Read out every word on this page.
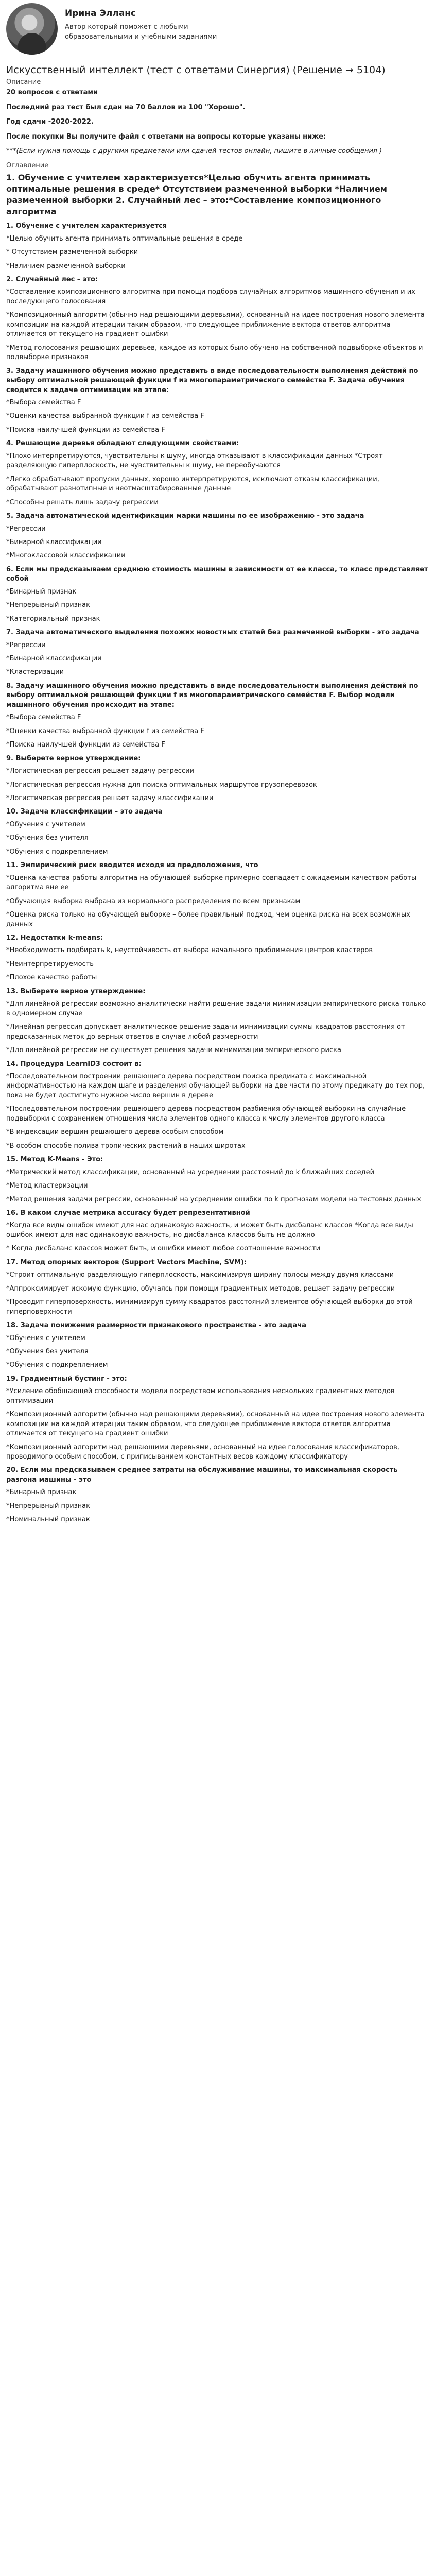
Ирина Элланс
Автор который поможет с любыми образовательными и учебными заданиями
Искусственный интеллект (тест с ответами Синергия) (Решение → 5104)
Описание
20 вопросов с ответами
Последний раз тест был сдан на 70 баллов из 100 "Хорошо".
Год сдачи -2020-2022.
После покупки Вы получите файл с ответами на вопросы которые указаны ниже:
***(Если нужна помощь с другими предметами или сдачей тестов онлайн, пишите в личные сообщения )
Оглавление
1. Обучение с учителем характеризуется*Целью обучить агента принимать оптимальные решения в среде* Отсутствием размеченной выборки *Наличием размеченной выборки 2. Случайный лес – это:*Составление композиционного алгоритма
1. Обучение с учителем характеризуется
*Целью обучить агента принимать оптимальные решения в среде
* Отсутствием размеченной выборки
*Наличием размеченной выборки
2. Случайный лес – это:
*Составление композиционного алгоритма при помощи подбора случайных алгоритмов машинного обучения и их последующего голосования
*Композиционный алгоритм (обычно над решающими деревьями), основанный на идее построения нового элемента композиции на каждой итерации таким образом, что следующее приближение вектора ответов алгоритма отличается от текущего на градиент ошибки
*Метод голосования решающих деревьев, каждое из которых было обучено на собственной подвыборке объектов и подвыборке признаков
3. Задачу машинного обучения можно представить в виде последовательности выполнения действий по выбору оптимальной решающей функции f из многопараметрического семейства F. Задача обучения сводится к задаче оптимизации на этапе:
*Выбора семейства F
*Оценки качества выбранной функции f из семейства F
*Поиска наилучшей функции из семейства F
4. Решающие деревья обладают следующими свойствами:
*Плохо интерпретируются, чувствительны к шуму, иногда отказывают в классификации данных *Строят разделяющую гиперплоскость, не чувствительны к шуму, не переобучаются
*Легко обрабатывают пропуски данных, хорошо интерпретируются, исключают отказы классификации, обрабатывают разнотипные и неотмасштабированные данные
*Способны решать лишь задачу регрессии
5. Задача автоматической идентификации марки машины по ее изображению - это задача
*Регрессии
*Бинарной классификации
*Многоклассовой классификации
6. Если мы предсказываем среднюю стоимость машины в зависимости от ее класса, то класс представляет собой
*Бинарный признак
*Непрерывный признак
*Категориальный признак
7. Задача автоматического выделения похожих новостных статей без размеченной выборки - это задача
*Регрессии
*Бинарной классификации
*Кластеризации
8. Задачу машинного обучения можно представить в виде последовательности выполнения действий по выбору оптимальной решающей функции f из многопараметрического семейства F. Выбор модели машинного обучения происходит на этапе:
*Выбора семейства F
*Оценки качества выбранной функции f из семейства F
*Поиска наилучшей функции из семейства F
9. Выберете верное утверждение:
*Логистическая регрессия решает задачу регрессии
*Логистическая регрессия нужна для поиска оптимальных маршрутов грузоперевозок
*Логистическая регрессия решает задачу классификации
10. Задача классификации – это задача
*Обучения с учителем
*Обучения без учителя
*Обучения с подкреплением
11. Эмпирический риск вводится исходя из предположения, что
*Оценка качества работы алгоритма на обучающей выборке примерно совпадает с ожидаемым качеством работы алгоритма вне ее
*Обучающая выборка выбрана из нормального распределения по всем признакам
*Оценка риска только на обучающей выборке – более правильный подход, чем оценка риска на всех возможных данных
12. Недостатки k-means:
*Необходимость подбирать k, неустойчивость от выбора начального приближения центров кластеров
*Неинтерпретируемость
*Плохое качество работы
13. Выберете верное утверждение:
*Для линейной регрессии возможно аналитически найти решение задачи минимизации эмпирического риска только в одномерном случае
*Линейная регрессия допускает аналитическое решение задачи минимизации суммы квадратов расстояния от предсказанных меток до верных ответов в случае любой размерности
*Для линейной регрессии не существует решения задачи минимизации эмпирического риска
14. Процедура LearnID3 состоит в:
*Последовательном построении решающего дерева посредством поиска предиката с максимальной информативностью на каждом шаге и разделения обучающей выборки на две части по этому предикату до тех пор, пока не будет достигнуто нужное число вершин в дереве
*Последовательном построении решающего дерева посредством разбиения обучающей выборки на случайные подвыборки с сохранением отношения числа элементов одного класса к числу элементов другого класса
*В индексации вершин решающего дерева особым способом
*В особом способе полива тропических растений в наших широтах
15. Метод K-Means - Это:
*Метрический метод классификации, основанный на усреднении расстояний до k ближайших соседей
*Метод кластеризации
*Метод решения задачи регрессии, основанный на усреднении ошибки по k прогнозам модели на тестовых данных
16. В каком случае метрика accuracy будет репрезентативной
*Когда все виды ошибок имеют для нас одинаковую важность, и может быть дисбаланс классов *Когда все виды ошибок имеют для нас одинаковую важность, но дисбаланса классов быть не должно
* Когда дисбаланс классов может быть, и ошибки имеют любое соотношение важности
17. Метод опорных векторов (Support Vectors Machine, SVM):
*Строит оптимальную разделяющую гиперплоскость, максимизируя ширину полосы между двумя классами
*Аппроксимирует искомую функцию, обучаясь при помощи градиентных методов, решает задачу регрессии
*Проводит гиперповерхность, минимизируя сумму квадратов расстояний элементов обучающей выборки до этой гиперповерхности
18. Задача понижения размерности признакового пространства - это задача
*Обучения с учителем
*Обучения без учителя
*Обучения с подкреплением
19. Градиентный бустинг - это:
*Усиление обобщающей способности модели посредством использования нескольких градиентных методов оптимизации
*Композиционный алгоритм (обычно над решающими деревьями), основанный на идее построения нового элемента композиции на каждой итерации таким образом, что следующее приближение вектора ответов алгоритма отличается от текущего на градиент ошибки
*Композиционный алгоритм над решающими деревьями, основанный на идее голосования классификаторов, проводимого особым способом, с приписыванием константных весов каждому классификатору
20. Если мы предсказываем среднее затраты на обслуживание машины, то максимальная скорость разгона машины - это
*Бинарный признак
*Непрерывный признак
*Номинальный признак
